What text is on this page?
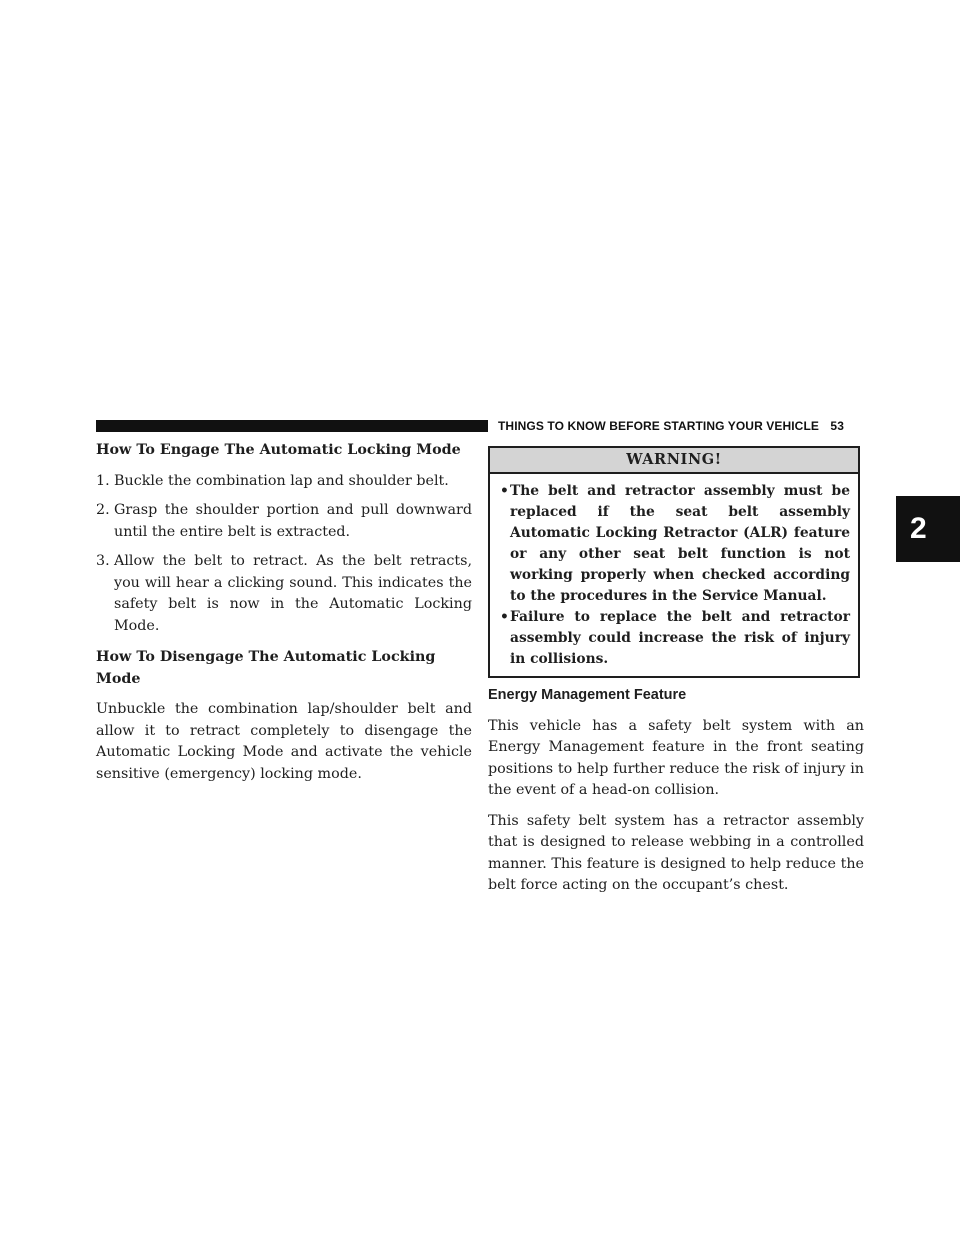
THINGS TO KNOW BEFORE STARTING YOUR VEHICLE 53
2
How To Engage The Automatic Locking Mode
1. Buckle the combination lap and shoulder belt.
2. Grasp the shoulder portion and pull downward until the entire belt is extracted.
3. Allow the belt to retract. As the belt retracts, you will hear a clicking sound. This indicates the safety belt is now in the Automatic Locking Mode.
How To Disengage The Automatic Locking Mode

Unbuckle the combination lap/shoulder belt and allow it to retract completely to disengage the Automatic Locking Mode and activate the vehicle sensitive (emergency) locking mode.

WARNING!
• The belt and retractor assembly must be replaced if the seat belt assembly Automatic Locking Retractor (ALR) feature or any other seat belt function is not working properly when checked according to the procedures in the Service Manual.
• Failure to replace the belt and retractor assembly could increase the risk of injury in collisions.
Energy Management Feature

This vehicle has a safety belt system with an Energy Management feature in the front seating positions to help further reduce the risk of injury in the event of a head-on collision.

This safety belt system has a retractor assembly that is designed to release webbing in a controlled manner. This feature is designed to help reduce the belt force acting on the occupant’s chest.
